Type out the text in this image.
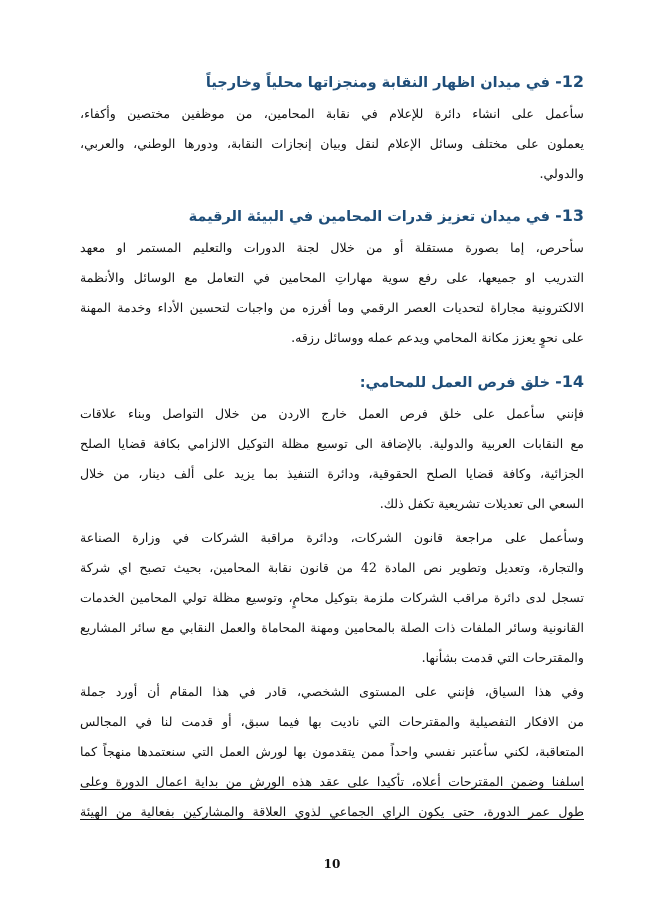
12- في ميدان اظهار النقابة ومنجزاتها محلياً وخارجياً

سأعمل على انشاء دائرة للإعلام في نقابة المحامين، من موظفين مختصين وأكفاء،
يعملون على مختلف وسائل الإعلام لنقل وبيان إنجازات النقابة، ودورها الوطني، والعربي،
والدولي.

13- في ميدان تعزيز قدرات المحامين في البيئة الرقيمة

سأحرص، إما بصورة مستقلة أو من خلال لجنة الدورات والتعليم المستمر او معهد
التدريب او جميعها، على رفع سوية مهاراتِ المحامين في التعامل مع الوسائل والأنظمة
الالكترونية مجاراة لتحديات العصر الرقمي وما أفرزه من واجبات لتحسين الأداء وخدمة المهنة
على نحوٍ يعزز مكانة المحامي ويدعم عمله ووسائل رزقه.

14- خلق فرص العمل للمحامي:

فإنني سأعمل على خلق فرص العمل خارج الاردن من خلال التواصل وبناء علاقات
مع النقابات العربية والدولية. بالإضافة الى توسيع مظلة التوكيل الالزامي بكافة قضايا الصلح
الجزائية، وكافة قضايا الصلح الحقوقية، ودائرة التنفيذ بما يزيد على ألف دينار، من خلال
السعي الى تعديلات تشريعية تكفل ذلك.

وسأعمل على مراجعة قانون الشركات، ودائرة مراقبة الشركات في وزارة الصناعة
والتجارة، وتعديل وتطوير نص المادة 42 من قانون نقابة المحامين، بحيث تصبح اي شركة
تسجل لدى دائرة مراقب الشركات ملزمة بتوكيل محامٍ، وتوسيع مظلة تولي المحامين الخدمات
القانونية وسائر الملفات ذات الصلة بالمحامين ومهنة المحاماة والعمل النقابي مع سائر المشاريع
والمقترحات التي قدمت بشأنها.

وفي هذا السياق، فإنني على المستوى الشخصي، قادر في هذا المقام أن أورد جملة
من الافكار التفصيلية والمقترحات التي ناديت بها فيما سبق، أو قدمت لنا في المجالس
المتعاقبة، لكني سأعتبر نفسي واحداً ممن يتقدمون بها لورش العمل التي سنعتمدها منهجاً كما
اسلفنا وضمن المقترحات أعلاه، تأكيدا على عقد هذه الورش من بداية اعمال الدورة وعلى
طول عمر الدورة، حتى يكون الراي الجماعي لذوي العلاقة والمشاركين بفعالية من الهيئة

10
